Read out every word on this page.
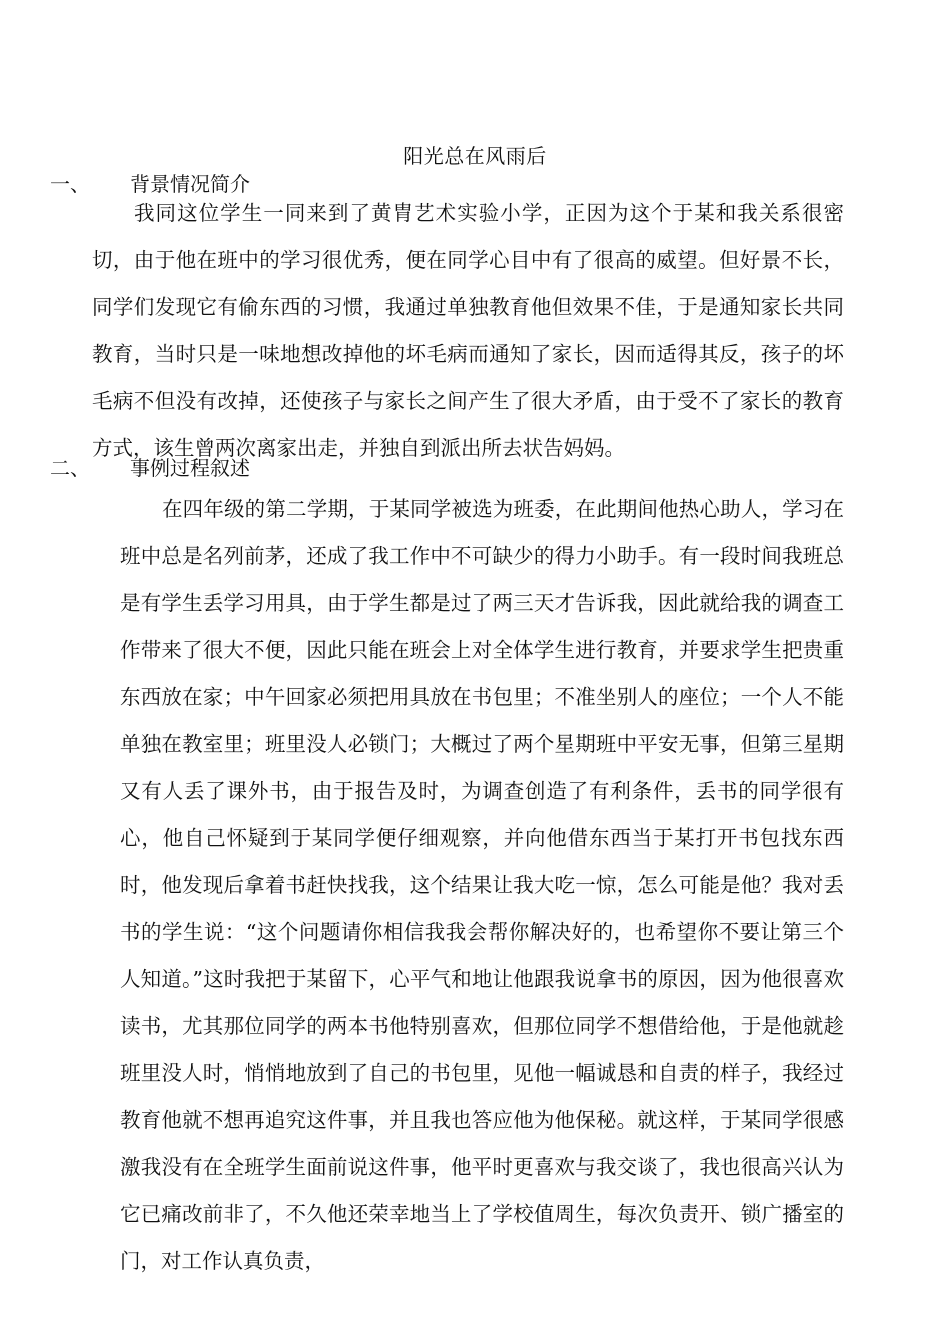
阳光总在风雨后
一、 背景情况简介

我同这位学生一同来到了黄胄艺术实验小学，正因为这个于某和我关系很密切，由于他在班中的学习很优秀，便在同学心目中有了很高的威望。但好景不长，同学们发现它有偷东西的习惯，我通过单独教育他但效果不佳，于是通知家长共同教育，当时只是一味地想改掉他的坏毛病而通知了家长，因而适得其反，孩子的坏毛病不但没有改掉，还使孩子与家长之间产生了很大矛盾，由于受不了家长的教育方式，该生曾两次离家出走，并独自到派出所去状告妈妈。

二、 事例过程叙述

在四年级的第二学期，于某同学被选为班委，在此期间他热心助人，学习在班中总是名列前茅，还成了我工作中不可缺少的得力小助手。有一段时间我班总是有学生丢学习用具，由于学生都是过了两三天才告诉我，因此就给我的调查工作带来了很大不便，因此只能在班会上对全体学生进行教育，并要求学生把贵重东西放在家；中午回家必须把用具放在书包里；不准坐别人的座位；一个人不能单独在教室里；班里没人必锁门；大概过了两个星期班中平安无事，但第三星期又有人丢了课外书，由于报告及时，为调查创造了有利条件，丢书的同学很有心，他自己怀疑到于某同学便仔细观察，并向他借东西当于某打开书包找东西时，他发现后拿着书赶快找我，这个结果让我大吃一惊，怎么可能是他？我对丢书的学生说：“这个问题请你相信我我会帮你解决好的，也希望你不要让第三个人知道。”这时我把于某留下，心平气和地让他跟我说拿书的原因，因为他很喜欢读书，尤其那位同学的两本书他特别喜欢，但那位同学不想借给他，于是他就趁班里没人时，悄悄地放到了自己的书包里，见他一幅诚恳和自责的样子，我经过教育他就不想再追究这件事，并且我也答应他为他保秘。就这样，于某同学很感激我没有在全班学生面前说这件事，他平时更喜欢与我交谈了，我也很高兴认为它已痛改前非了，不久他还荣幸地当上了学校值周生，每次负责开、锁广播室的门，对工作认真负责，
